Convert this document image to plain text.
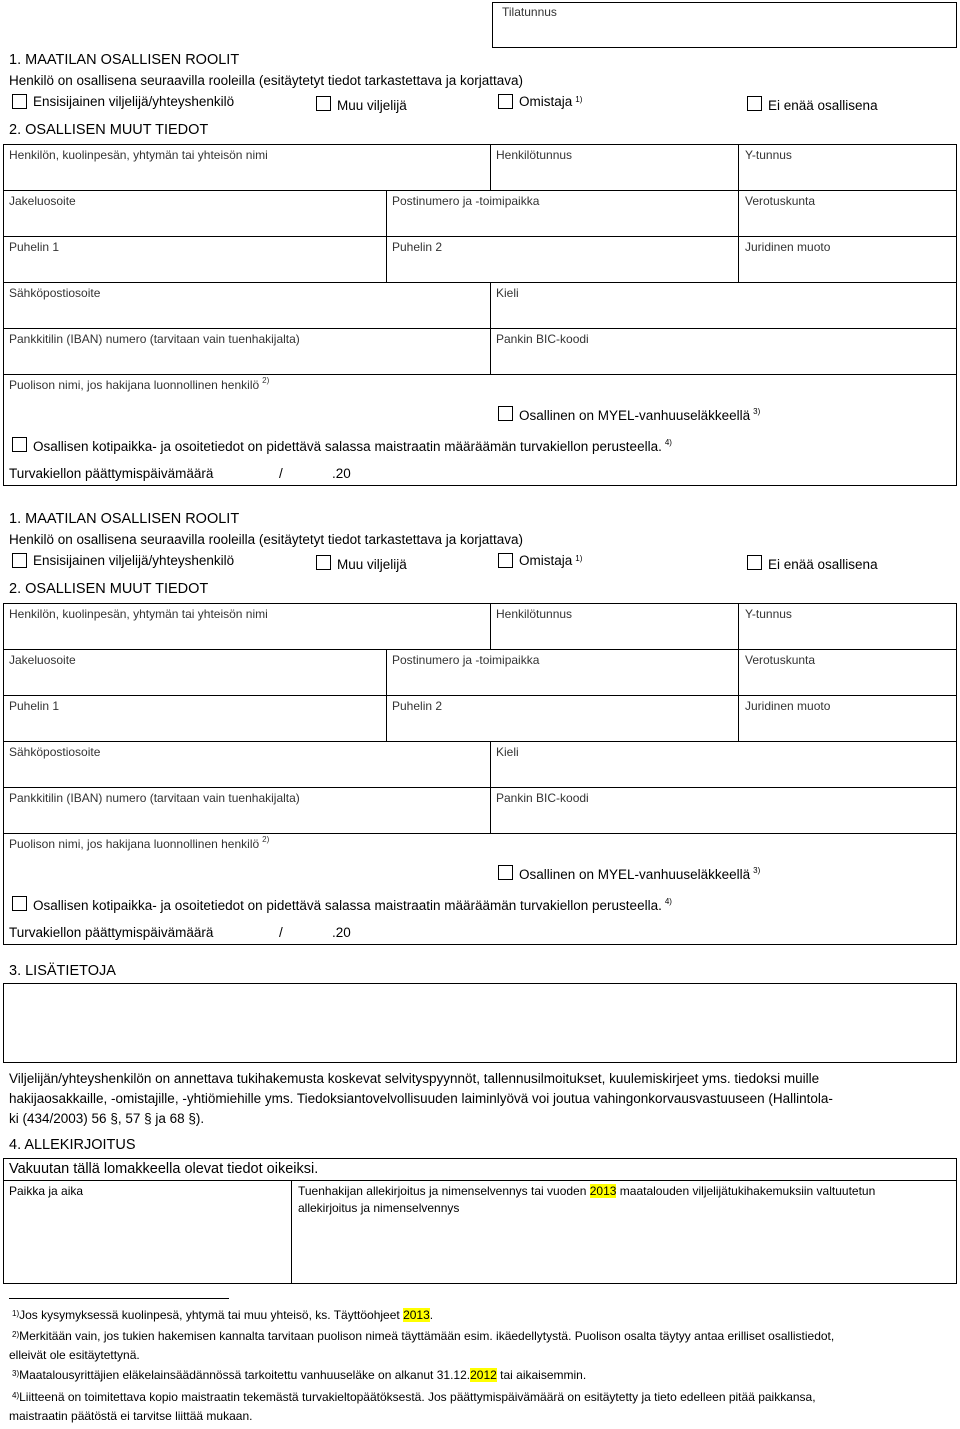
Tilatunnus
1. MAATILAN OSALLISEN ROOLIT
Henkilö on osallisena seuraavilla rooleilla (esitäytetyt tiedot tarkastettava ja korjattava)
Ensisijainen viljelijä/yhteyshenkilö	Muu viljelijä	Omistaja $^{1)}$	Ei enää osallisena
2. OSALLISEN MUUT TIEDOT
Henkilön, kuolinpesän, yhtymän tai yhteisön nimi	Henkilötunnus	Y-tunnus
Jakeluosoite	Postinumero ja -toimipaikka	Verotuskunta
Puhelin 1	Puhelin 2	Juridinen muoto
Sähköpostiosoite	Kieli
Pankkitilin (IBAN) numero (tarvitaan vain tuenhakijalta)	Pankin BIC-koodi
Puolison nimi, jos hakijana luonnollinen henkilö $^{2)}$
Osallinen on MYEL-vanhuuseläkkeellä $^{3)}$
Osallisen kotipaikka- ja osoitetiedot on pidettävä salassa maistraatin määräämän turvakiellon perusteella. $^{4)}$
Turvakiellon päättymispäivämäärä	/	.20
1. MAATILAN OSALLISEN ROOLIT
Henkilö on osallisena seuraavilla rooleilla (esitäytetyt tiedot tarkastettava ja korjattava)
Ensisijainen viljelijä/yhteyshenkilö	Muu viljelijä	Omistaja $^{1)}$	Ei enää osallisena
2. OSALLISEN MUUT TIEDOT
Henkilön, kuolinpesän, yhtymän tai yhteisön nimi	Henkilötunnus	Y-tunnus
Jakeluosoite	Postinumero ja -toimipaikka	Verotuskunta
Puhelin 1	Puhelin 2	Juridinen muoto
Sähköpostiosoite	Kieli
Pankkitilin (IBAN) numero (tarvitaan vain tuenhakijalta)	Pankin BIC-koodi
Puolison nimi, jos hakijana luonnollinen henkilö $^{2)}$
Osallinen on MYEL-vanhuuseläkkeellä $^{3)}$
Osallisen kotipaikka- ja osoitetiedot on pidettävä salassa maistraatin määräämän turvakiellon perusteella. $^{4)}$
Turvakiellon päättymispäivämäärä	/	.20
3. LISÄTIETOJA
Viljelijän/yhteyshenkilön on annettava tukihakemusta koskevat selvityspyynnöt, tallennusilmoitukset, kuulemiskirjeet yms. tiedoksi muille
hakijaosakkaille, -omistajille, -yhtiömiehille yms. Tiedoksiantovelvollisuuden laiminlyövä voi joutua vahingonkorvausvastuuseen (Hallintola-
ki (434/2003) 56 §, 57 § ja 68 §).
4. ALLEKIRJOITUS
Vakuutan tällä lomakkeella olevat tiedot oikeiksi.
Paikka ja aika	Tuenhakijan allekirjoitus ja nimenselvennys tai vuoden 2013 maatalouden viljelijätukihakemuksiin valtuutetun
allekirjoitus ja nimenselvennys
$^{1)}$Jos kysymyksessä kuolinpesä, yhtymä tai muu yhteisö, ks. Täyttöohjeet 2013.
$^{2)}$Merkitään vain, jos tukien hakemisen kannalta tarvitaan puolison nimeä täyttämään esim. ikäedellytystä. Puolison osalta täytyy antaa erilliset osallistiedot,
elleivät ole esitäytettynä.
$^{3)}$Maatalousyrittäjien eläkelainsäädännössä tarkoitettu vanhuuseläke on alkanut 31.12.2012 tai aikaisemmin.
$^{4)}$Liitteenä on toimitettava kopio maistraatin tekemästä turvakieltopäätöksestä. Jos päättymispäivämäärä on esitäytetty ja tieto edelleen pitää paikkansa,
maistraatin päätöstä ei tarvitse liittää mukaan.
